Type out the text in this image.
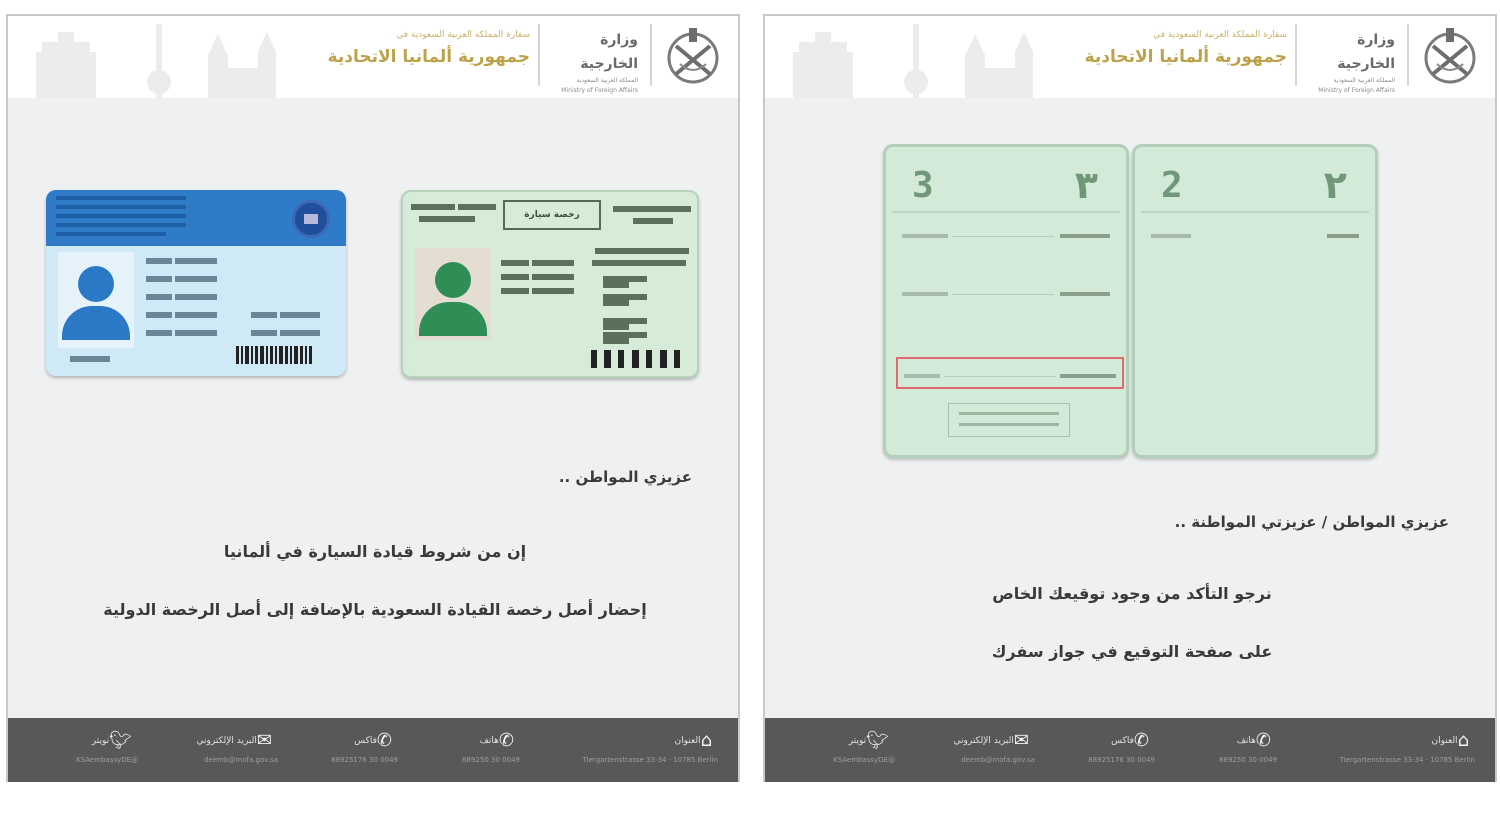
سفارة المملكة العربية السعودية في
جمهورية ألمانيا الاتحادية
وزارة الخارجية
المملكة العربية السعودية
Ministry of Foreign Affairs
رخصة سيارة
عزيزي المواطن ..
إن من شروط قيادة السيارة في ألمانيا
إحضار أصل رخصة القيادة السعودية بالإضافة إلى أصل الرخصة الدولية
⌂العنوان
Tiergartenstrasse 33-34 · 10785 Berlin
✆هاتف
0049 30 889250
✆فاكس
0049 30 88925176
✉البريد الإلكتروني
deemb@mofa.gov.sa
🐦︎تويتر
@KSAembassyDE
سفارة المملكة العربية السعودية في
جمهورية ألمانيا الاتحادية
وزارة الخارجية
المملكة العربية السعودية
Ministry of Foreign Affairs
3	٣ 2	٢
عزيزي المواطن / عزيزتي المواطنة ..
نرجو التأكد من وجود توقيعك الخاص
على صفحة التوقيع في جواز سفرك
⌂العنوان
Tiergartenstrasse 33-34 · 10785 Berlin
✆هاتف
0049 30 889250
✆فاكس
0049 30 88925176
✉البريد الإلكتروني
deemb@mofa.gov.sa
🐦︎تويتر
@KSAembassyDE
